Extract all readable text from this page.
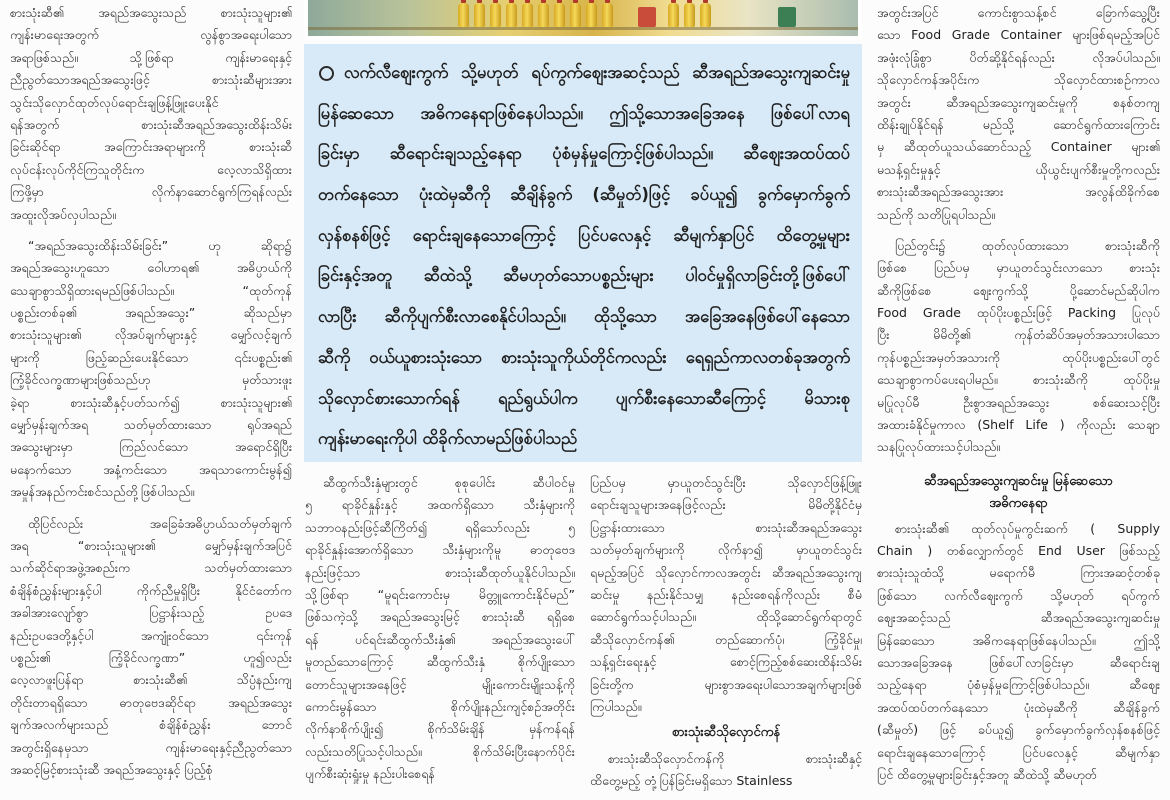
စားသုံးဆီ၏ အရည်အသွေးသည် စားသုံးသူများ၏
ကျန်းမာရေးအတွက် လွန်စွာအရေးပါသော
အရာဖြစ်သည်။ သို့ဖြစ်ရာ ကျန်းမာရေးနှင့်
ညီညွတ်သောအရည်အသွေးဖြင့် စားသုံးဆီများအား
သွင်းသိုလှောင်ထုတ်လုပ်ရောင်းချဖြန့်ဖြူးပေးနိုင်
ရန်အတွက် စားသုံးဆီအရည်အသွေးထိန်းသိမ်း
ခြင်းဆိုင်ရာ အကြောင်းအရာများကို စားသုံးဆီ
လုပ်ငန်းလုပ်ကိုင်ကြသူတိုင်းက လေ့လာသိရှိထား
ကြဖို့မှာ လိုက်နာဆောင်ရွက်ကြရန်လည်း
အထူးလိုအပ်လှပါသည်။
“အရည်အသွေးထိန်းသိမ်းခြင်း” ဟု ဆိုရာ၌
အရည်အသွေးဟူသော ဝေါဟာရ၏ အဓိပ္ပာယ်ကို
သေချာစွာသိရှိထားရမည်ဖြစ်ပါသည်။ “ထုတ်ကုန်
ပစ္စည်းတစ်ခု၏ အရည်အသွေး” ဆိုသည်မှာ
စားသုံးသူများ၏ လိုအပ်ချက်များနှင့် မျှော်လင့်ချက်
များကို ဖြည့်ဆည်းပေးနိုင်သော ၎င်းပစ္စည်း၏
ကြံ့ခိုင်လက္ခဏာများဖြစ်သည်ဟု မှတ်သားဖူး
ခဲ့ရာ စားသုံးဆီနှင့်ပတ်သက်၍ စားသုံးသူများ၏
မျှော်မှန်းချက်အရ သတ်မှတ်ထားသော ရုပ်အရည်
အသွေးများမှာ ကြည်လင်သော အရောင်ရှိပြီး
မနောက်သော အနံ့ကင်းသော အရသာကောင်းမွန်၍
အမှုန်အနည်ကင်းစင်သည်တို့ဖြစ်ပါသည်။
ထိုပြင်လည်း အခြေခံအဓိပ္ပာယ်သတ်မှတ်ချက်
အရ “စားသုံးသူများ၏ မျှော်မှန်းချက်အပြင်
သက်ဆိုင်ရာအဖွဲ့အစည်းက သတ်မှတ်ထားသော
စံချိန်စံညွှန်းများနှင့်ပါ ကိုက်ညီမှုရှိပြီး နိုင်ငံတော်က
အခါအားလျော်စွာ ပြဋ္ဌာန်းသည့် ဥပဒေ
နည်းဥပဒေတို့နှင့်ပါ အကျုံးဝင်သော ၎င်းကုန်
ပစ္စည်း၏ ကြံ့ခိုင်လက္ခဏာ” ဟူ၍လည်း
လေ့လာဖူးပြန်ရာ စားသုံးဆီ၏ သိပ္ပံနည်းကျ
တိုင်းတာရရှိသော ဓာတုဗေဒဆိုင်ရာ အရည်အသွေး
ချက်အလက်များသည် စံချိန်စံညွှန်း ဘောင်
အတွင်းရှိနေမှသာ ကျန်းမာရေးနှင့်ညီညွတ်သော
အဆင့်မြင့်စားသုံးဆီ အရည်အသွေးနှင့် ပြည့်စုံ
လက်လီဈေးကွက် သို့မဟုတ် ရပ်ကွက်ဈေးအဆင့်သည် ဆီအရည်အသွေးကျဆင်းမှု
မြန်ဆေသော အဓိကနေရာဖြစ်နေပါသည်။ ဤသို့သောအခြေအနေ ဖြစ်ပေါ်လာရ
ခြင်းမှာ ဆီရောင်းချသည့်နေရာ ပုံစံမှန်မှုကြောင့်ဖြစ်ပါသည်။ ဆီဈေးအထပ်ထပ်
တက်နေသော ပုံးထဲမှဆီကို ဆီချိန်ခွက် (ဆီမှုတ်)ဖြင့် ခပ်ယူ၍ ခွက်မှောက်ခွက်
လှန်စနစ်ဖြင့် ရောင်းချနေသောကြောင့် ပြင်ပလေနှင့် ဆီမျက်နှာပြင် ထိတွေ့မှုများ
ခြင်းနှင့်အတူ ဆီထဲသို့ ဆီမဟုတ်သောပစ္စည်းများ ပါဝင်မှုရှိလာခြင်းတို့ဖြစ်ပေါ်
လာပြီး ဆီကိုပျက်စီးလာစေနိုင်ပါသည်။ ထိုသို့သော အခြေအနေဖြစ်ပေါ်နေသော
ဆီကို ဝယ်ယူစားသုံးသော စားသုံးသူကိုယ်တိုင်ကလည်း ရေရှည်ကာလတစ်ခုအတွက်
သိုလှောင်စားသောက်ရန် ရည်ရွယ်ပါက ပျက်စီးနေသောဆီကြောင့် မိသားစု
ကျန်းမာရေးကိုပါ ထိခိုက်လာမည်ဖြစ်ပါသည်
ဆီထွက်သီးနှံများတွင် စုစုပေါင်း ဆီပါဝင်မှု
၅ ရာခိုင်နှုန်းနှင့် အထက်ရှိသော သီးနှံများကို
သဘာဝနည်းဖြင့်ဆီကြိတ်၍ ရရှိသော်လည်း ၅
ရာခိုင်နှုန်းအောက်ရှိသော သီးနှံများကိုမူ ဓာတုဗေဒ
နည်းဖြင့်သာ စားသုံးဆီထုတ်ယူနိုင်ပါသည်။
သို့ဖြစ်ရာ “မူရင်းကောင်းမှ မိတ္တူကောင်းနိုင်မည်”
ဖြစ်သကဲ့သို့ အရည်အသွေးမြင့် စားသုံးဆီ ရရှိစေ
ရန် ပင်ရင်းဆီထွက်သီးနှံ၏ အရည်အသွေးပေါ်
မူတည်သောကြောင့် ဆီထွက်သီးနှံ စိုက်ပျိုးသော
တောင်သူများအနေဖြင့် မျိုးကောင်းမျိုးသန့်ကို
ကောင်းမွန်သော စိုက်ပျိုးနည်းကျင့်စဉ်အတိုင်း
လိုက်နာစိုက်ပျိုး၍ စိုက်သိမ်းချိန် မှန်ကန်ရန်
လည်းသတိပြုသင့်ပါသည်။ စိုက်သိမ်းပြီးနောက်ပိုင်း
ပျက်စီးဆုံးရှုံးမှု နည်းပါးစေရန်
ပြည်ပမှ မှာယူတင်သွင်းပြီး သိုလှောင်ဖြန့်ဖြူး
ရောင်းချသူများအနေဖြင့်လည်း မိမိတို့နိုင်ငံမှ
ပြဋ္ဌာန်းထားသော စားသုံးဆီအရည်အသွေး
သတ်မှတ်ချက်များကို လိုက်နာ၍ မှာယူတင်သွင်း
ရမည့်အပြင် သိုလှောင်ကာလအတွင်း ဆီအရည်အသွေးကျ
ဆင်းမှု နည်းနိုင်သမျှ နည်းစေရန်ကိုလည်း စီမံ
ဆောင်ရွက်သင့်ပါသည်။ ထိုသို့ဆောင်ရွက်ရာတွင်
ဆီသိုလှောင်ကန်၏ တည်ဆောက်ပုံ၊ ကြံ့ခိုင်မှု၊
သန့်ရှင်းရေးနှင့် စောင့်ကြည့်စစ်ဆေးထိန်းသိမ်း
ခြင်းတို့က များစွာအရေးပါသောအချက်များဖြစ်
ကြပါသည်။
စားသုံးဆီသိုလှောင်ကန်
စားသုံးဆီသိုလှောင်ကန်ကို စားသုံးဆီနှင့်
ထိတွေ့မည့် တုံ့ပြန်ခြင်းမရှိသော Stainless
အတွင်းအပြင် ကောင်းစွာသန့်စင် ခြောက်သွေ့ပြီး
သော Food Grade Container များဖြစ်ရမည့်အပြင်
အဖုံးလုံခြုံစွာ ပိတ်ဆို့နိုင်ရန်လည်း လိုအပ်ပါသည်။
သိုလှောင်ကန်အပိုင်းက သိုလှောင်ထားစဉ်ကာလ
အတွင်း ဆီအရည်အသွေးကျဆင်းမှုကို စနစ်တကျ
ထိန်းချုပ်နိုင်ရန် မည်သို့ ဆောင်ရွက်ထားကြောင်း
မှ ဆီထုတ်ယူသယ်ဆောင်သည့် Container များ၏
မသန့်ရှင်းမှုနှင့် ယိုယွင်းပျက်စီးမှုတို့ကလည်း
စားသုံးဆီအရည်အသွေးအား အလွန်ထိခိုက်စေ
သည်ကို သတိပြုရပါသည်။
ပြည်တွင်း၌ ထုတ်လုပ်ထားသော စားသုံးဆီကို
ဖြစ်စေ ပြည်ပမှ မှာယူတင်သွင်းလာသော စားသုံး
ဆီကိုဖြစ်စေ ဈေးကွက်သို့ ပို့ဆောင်မည်ဆိုပါက
Food Grade ထုပ်ပိုးပစ္စည်းဖြင့် Packing ပြုလုပ်
ပြီး မိမိတို့၏ ကုန်တံဆိပ်အမှတ်အသားပါသော
ကုန်ပစ္စည်းအမှတ်အသားကို ထုပ်ပိုးပစ္စည်းပေါ်တွင်
သေချာစွာကပ်ပေးရပါမည်။ စားသုံးဆီကို ထုပ်ပိုးမှု
မပြုလုပ်မီ ဦးစွာအရည်အသွေး စစ်ဆေးသင့်ပြီး
အထားခံနိုင်မှုကာလ (Shelf Life ) ကိုလည်း သေချာ
သနပြုလုပ်ထားသင့်ပါသည်။
ဆီအရည်အသွေးကျဆင်းမှု မြန်ဆေသော
အဓိကနေရာ
စားသုံးဆီ၏ ထုတ်လုပ်မှုကွင်းဆက် ( Supply
Chain ) တစ်လျှောက်တွင် End User ဖြစ်သည့်
စားသုံးသူထံသို့ မရောက်မီ ကြားအဆင့်တစ်ခု
ဖြစ်သော လက်လီဈေးကွက် သို့မဟုတ် ရပ်ကွက်
ဈေးအဆင့်သည် ဆီအရည်အသွေးကျဆင်းမှု
မြန်ဆေသော အဓိကနေရာဖြစ်နေပါသည်။ ဤသို့
သောအခြေအနေ ဖြစ်ပေါ်လာခြင်းမှာ ဆီရောင်းချ
သည့်နေရာ ပုံစံမှန်မှုကြောင့်ဖြစ်ပါသည်။ ဆီဈေး
အထပ်ထပ်တက်နေသော ပုံးထဲမှဆီကို ဆီချိန်ခွက်
(ဆီမှုတ်) ဖြင့် ခပ်ယူ၍ ခွက်မှောက်ခွက်လှန်စနစ်ဖြင့်
ရောင်းချနေသောကြောင့် ပြင်ပလေနှင့် ဆီမျက်နှာ
ပြင် ထိတွေ့မှုများခြင်းနှင့်အတူ ဆီထဲသို့ ဆီမဟုတ်
